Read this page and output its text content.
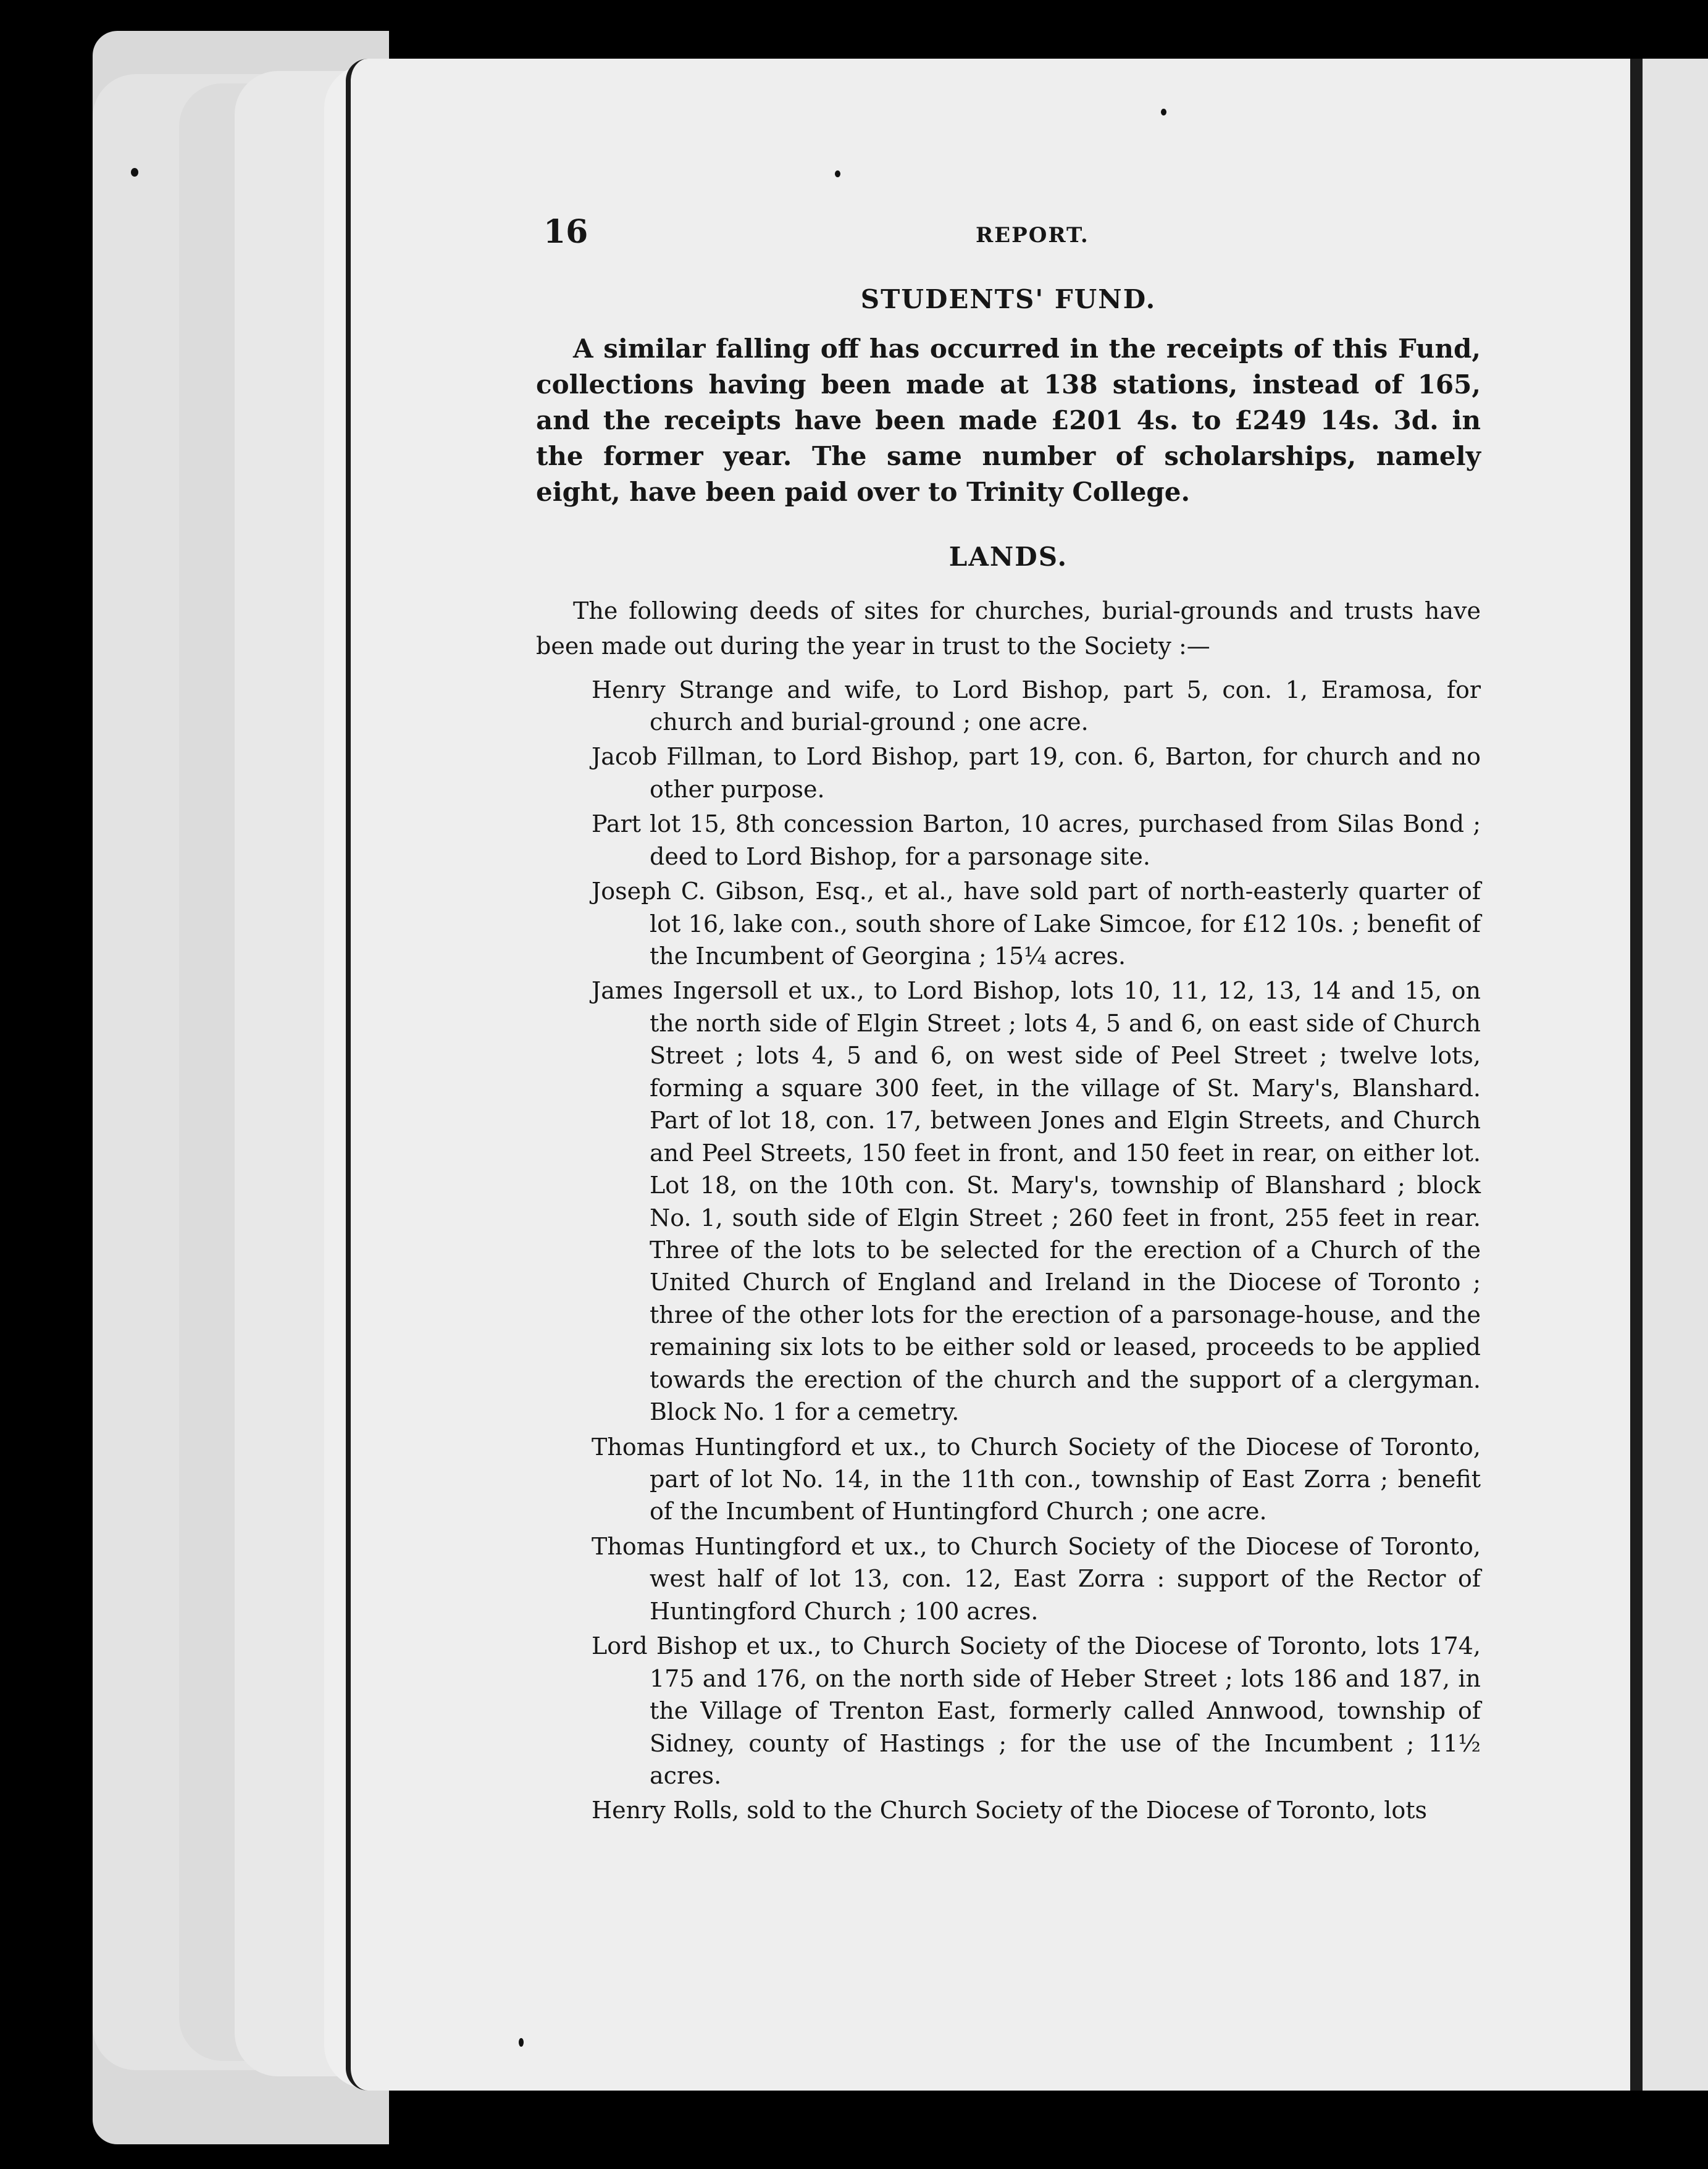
16	REPORT.
STUDENTS' FUND.

A similar falling off has occurred in the receipts of this Fund, collections having been made at 138 stations, instead of 165, and the receipts have been made £201 4s. to £249 14s. 3d. in the former year. The same number of scholarships, namely eight, have been paid over to Trinity College.

LANDS.

The following deeds of sites for churches, burial-grounds and trusts have been made out during the year in trust to the Society :—

Henry Strange and wife, to Lord Bishop, part 5, con. 1, Eramosa, for church and burial-ground ; one acre.
Jacob Fillman, to Lord Bishop, part 19, con. 6, Barton, for church and no other purpose.
Part lot 15, 8th concession Barton, 10 acres, purchased from Silas Bond ; deed to Lord Bishop, for a parsonage site.
Joseph C. Gibson, Esq., et al., have sold part of north-easterly quarter of lot 16, lake con., south shore of Lake Simcoe, for £12 10s. ; benefit of the Incumbent of Georgina ; 15¼ acres.
James Ingersoll et ux., to Lord Bishop, lots 10, 11, 12, 13, 14 and 15, on the north side of Elgin Street ; lots 4, 5 and 6, on east side of Church Street ; lots 4, 5 and 6, on west side of Peel Street ; twelve lots, forming a square 300 feet, in the village of St. Mary's, Blanshard. Part of lot 18, con. 17, between Jones and Elgin Streets, and Church and Peel Streets, 150 feet in front, and 150 feet in rear, on either lot. Lot 18, on the 10th con. St. Mary's, township of Blanshard ; block No. 1, south side of Elgin Street ; 260 feet in front, 255 feet in rear. Three of the lots to be selected for the erection of a Church of the United Church of England and Ireland in the Diocese of Toronto ; three of the other lots for the erection of a parsonage-house, and the remaining six lots to be either sold or leased, proceeds to be applied towards the erection of the church and the support of a clergyman. Block No. 1 for a cemetry.
Thomas Huntingford et ux., to Church Society of the Diocese of Toronto, part of lot No. 14, in the 11th con., township of East Zorra ; benefit of the Incumbent of Huntingford Church ; one acre.
Thomas Huntingford et ux., to Church Society of the Diocese of Toronto, west half of lot 13, con. 12, East Zorra : support of the Rector of Huntingford Church ; 100 acres.
Lord Bishop et ux., to Church Society of the Diocese of Toronto, lots 174, 175 and 176, on the north side of Heber Street ; lots 186 and 187, in the Village of Trenton East, formerly called Annwood, township of Sidney, county of Hastings ; for the use of the Incumbent ; 11½ acres.
Henry Rolls, sold to the Church Society of the Diocese of Toronto, lots
